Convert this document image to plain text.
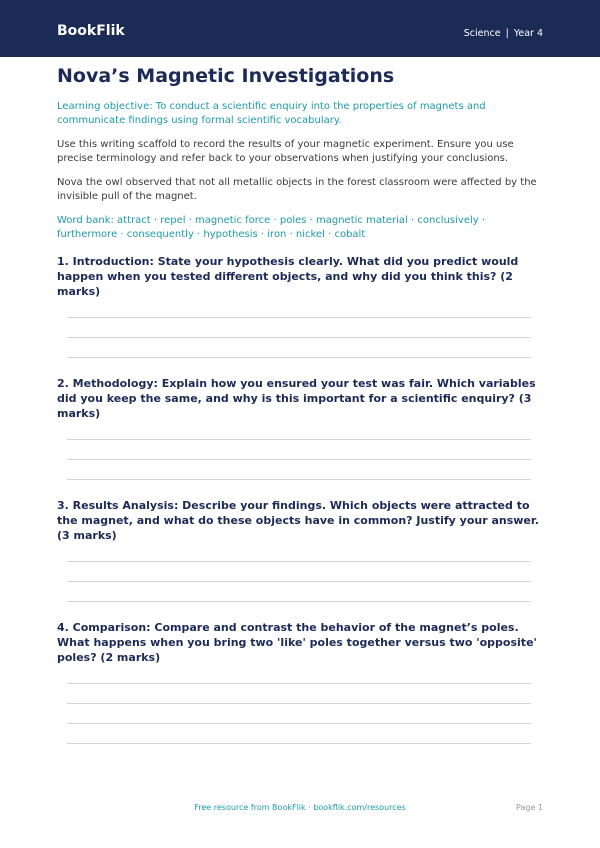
BookFlik	Science | Year 4
Nova’s Magnetic Investigations

Learning objective: To conduct a scientific enquiry into the properties of magnets and communicate findings using formal scientific vocabulary.

Use this writing scaffold to record the results of your magnetic experiment. Ensure you use precise terminology and refer back to your observations when justifying your conclusions.

Nova the owl observed that not all metallic objects in the forest classroom were affected by the invisible pull of the magnet.

Word bank: attract · repel · magnetic force · poles · magnetic material · conclusively · furthermore · consequently · hypothesis · iron · nickel · cobalt

1. Introduction: State your hypothesis clearly. What did you predict would happen when you tested different objects, and why did you think this? (2 marks)

2. Methodology: Explain how you ensured your test was fair. Which variables did you keep the same, and why is this important for a scientific enquiry? (3 marks)

3. Results Analysis: Describe your findings. Which objects were attracted to the magnet, and what do these objects have in common? Justify your answer. (3 marks)

4. Comparison: Compare and contrast the behavior of the magnet’s poles. What happens when you bring two 'like' poles together versus two 'opposite' poles? (2 marks)

Free resource from BookFlik · bookflik.com/resources	Page 1
